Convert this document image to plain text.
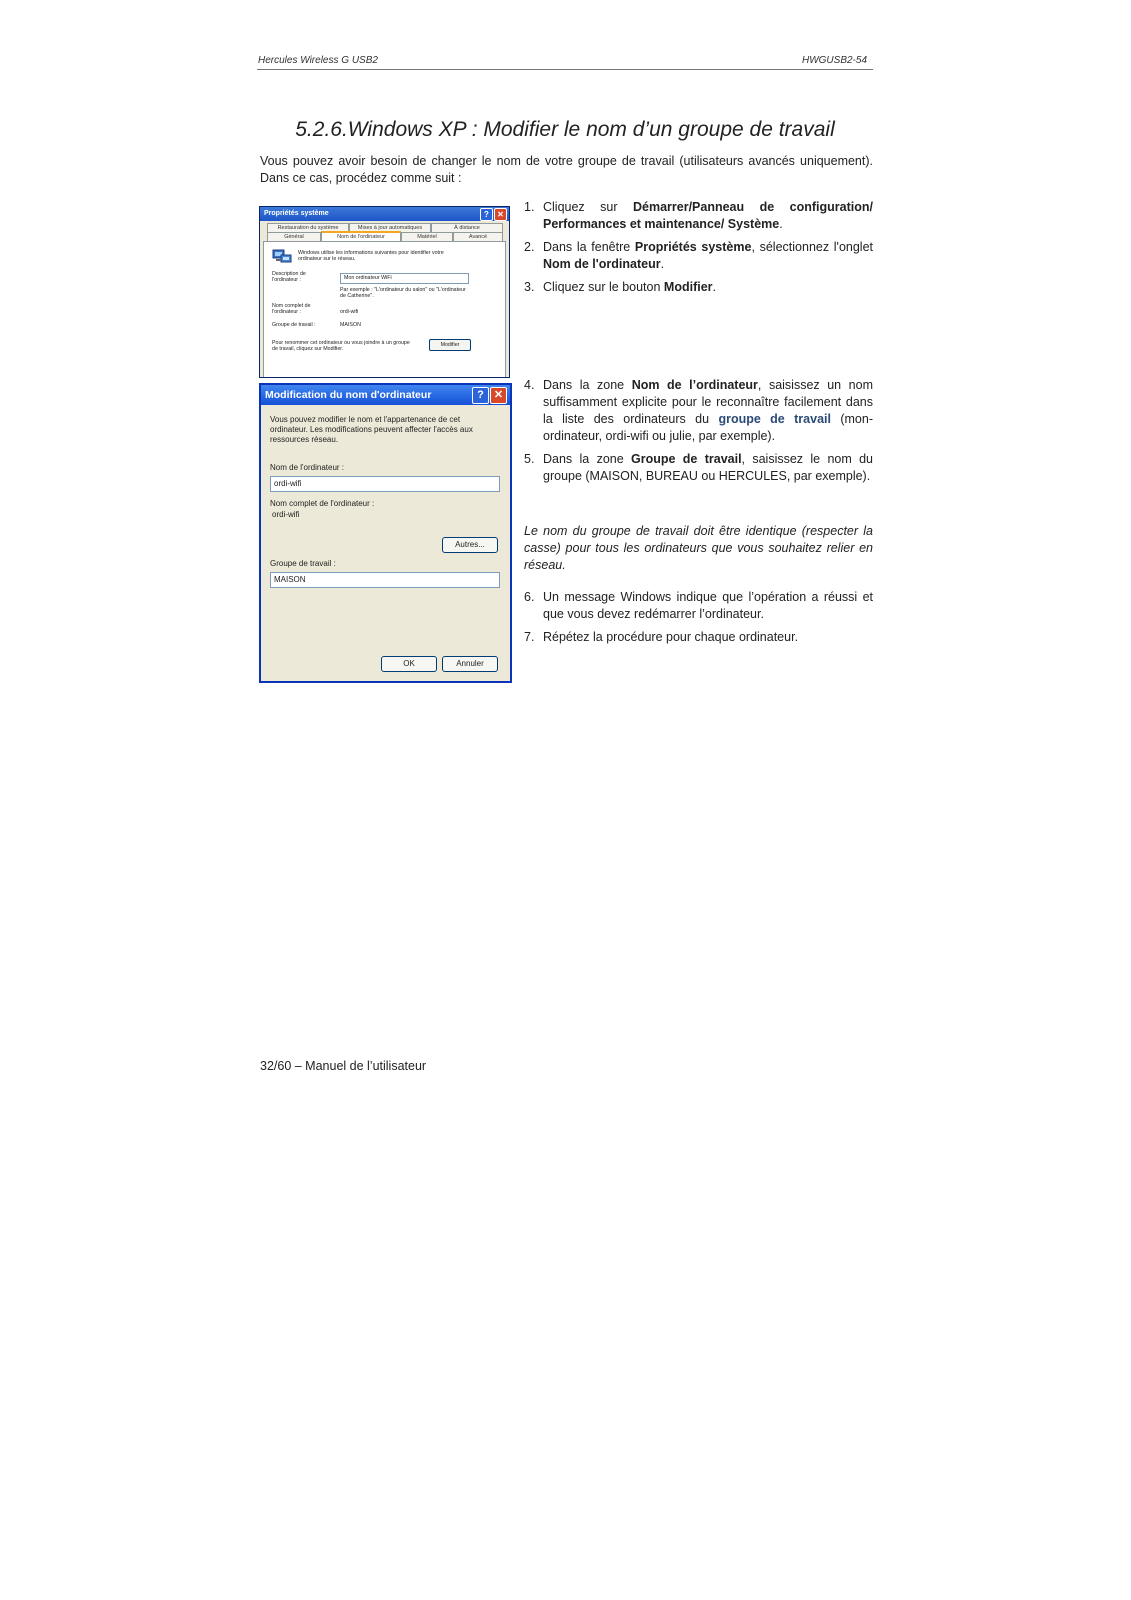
Hercules Wireless G USB2	HWGUSB2-54
5.2.6.Windows XP : Modifier le nom d’un groupe de travail
Vous pouvez avoir besoin de changer le nom de votre groupe de travail (utilisateurs avancés uniquement). Dans ce cas, procédez comme suit :
Propriétés système	?	✕
Restauration du système	Mises à jour automatiques	À distance
Général	Nom de l'ordinateur	Matériel	Avancé
Windows utilise les informations suivantes pour identifier votre ordinateur sur le réseau.
Description de l'ordinateur :	Mon ordinateur WiFi
Par exemple : "L'ordinateur du salon" ou "L'ordinateur de Catherine".
Nom complet de l'ordinateur :	ordi-wifi
Groupe de travail :	MAISON
Pour renommer cet ordinateur ou vous joindre à un groupe de travail, cliquez sur Modifier.
Modifier
1. Cliquez sur Démarrer/Panneau de configuration/ Performances et maintenance/ Système.
2. Dans la fenêtre Propriétés système, sélectionnez l'onglet Nom de l'ordinateur.
3. Cliquez sur le bouton Modifier.
Modification du nom d'ordinateur	? ✕
Vous pouvez modifier le nom et l'appartenance de cet ordinateur. Les modifications peuvent affecter l'accès aux ressources réseau.
Nom de l'ordinateur :
ordi-wifi
Nom complet de l'ordinateur :
ordi-wifi
Autres...
Groupe de travail :
MAISON
OK	Annuler
4. Dans la zone Nom de l’ordinateur, saisissez un nom suffisamment explicite pour le reconnaître facilement dans la liste des ordinateurs du groupe de travail (mon-ordinateur, ordi-wifi ou julie, par exemple).
5. Dans la zone Groupe de travail, saisissez le nom du groupe (MAISON, BUREAU ou HERCULES, par exemple).
Le nom du groupe de travail doit être identique (respecter la casse) pour tous les ordinateurs que vous souhaitez relier en réseau.
6. Un message Windows indique que l’opération a réussi et que vous devez redémarrer l’ordinateur.
7. Répétez la procédure pour chaque ordinateur.
32/60 – Manuel de l’utilisateur
